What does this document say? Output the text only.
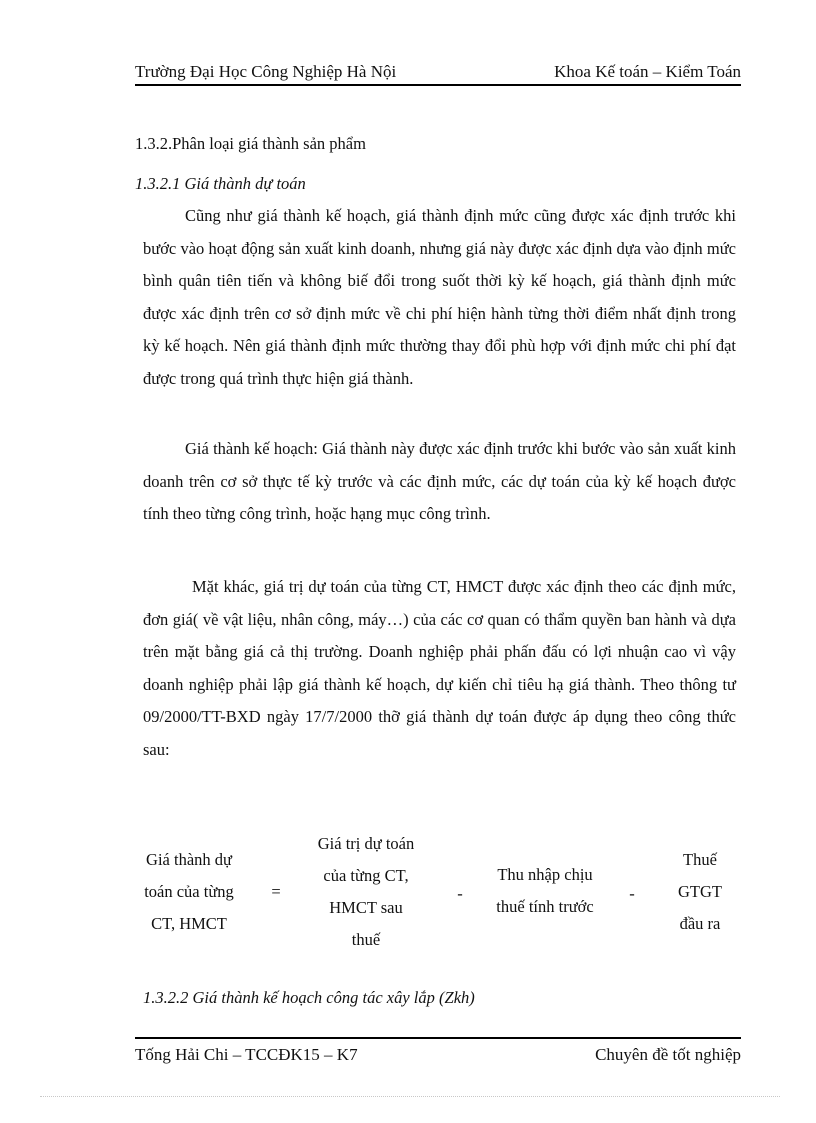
Trường Đại Học Công Nghiệp Hà Nội	Khoa Kế toán – Kiểm Toán
1.3.2.Phân loại giá thành sản phẩm
1.3.2.1 Giá thành dự toán
Cũng như giá thành kế hoạch, giá thành định mức cũng được xác định trước khi bước vào hoạt động sản xuất kinh doanh, nhưng giá này được xác định dựa vào định mức bình quân tiên tiến và không biế đổi trong suốt thời kỳ kế hoạch, giá thành định mức được xác định trên cơ sở định mức về chi phí hiện hành từng thời điểm nhất định trong kỳ kế hoạch. Nên giá thành định mức thường thay đổi phù hợp với định mức chi phí đạt được trong quá trình thực hiện giá thành.
Giá thành kế hoạch: Giá thành này được xác định trước khi bước vào sản xuất kinh doanh trên cơ sở thực tế kỳ trước và các định mức, các dự toán của kỳ kế hoạch được tính theo từng công trình, hoặc hạng mục công trình.
Mặt khác, giá trị dự toán của từng CT, HMCT được xác định theo các định mức, đơn giá( về vật liệu, nhân công, máy…) của các cơ quan có thẩm quyền ban hành và dựa trên mặt bằng giá cả thị trường. Doanh nghiệp phải phấn đấu có lợi nhuận cao vì vậy doanh nghiệp phải lập giá thành kế hoạch, dự kiến chỉ tiêu hạ giá thành. Theo thông tư 09/2000/TT-BXD ngày 17/7/2000 thỡ giá thành dự toán được áp dụng theo công thức sau:
Giá thành dự
toán của từng
CT, HMCT
=
Giá trị dự toán
của từng CT,
HMCT sau
thuế
-
Thu nhập chịu
thuế tính trước
-
Thuế
GTGT
đầu ra
1.3.2.2 Giá thành kế hoạch công tác xây lắp (Zkh)
Tống Hải Chi – TCCĐK15 – K7	Chuyên đề tốt nghiệp
